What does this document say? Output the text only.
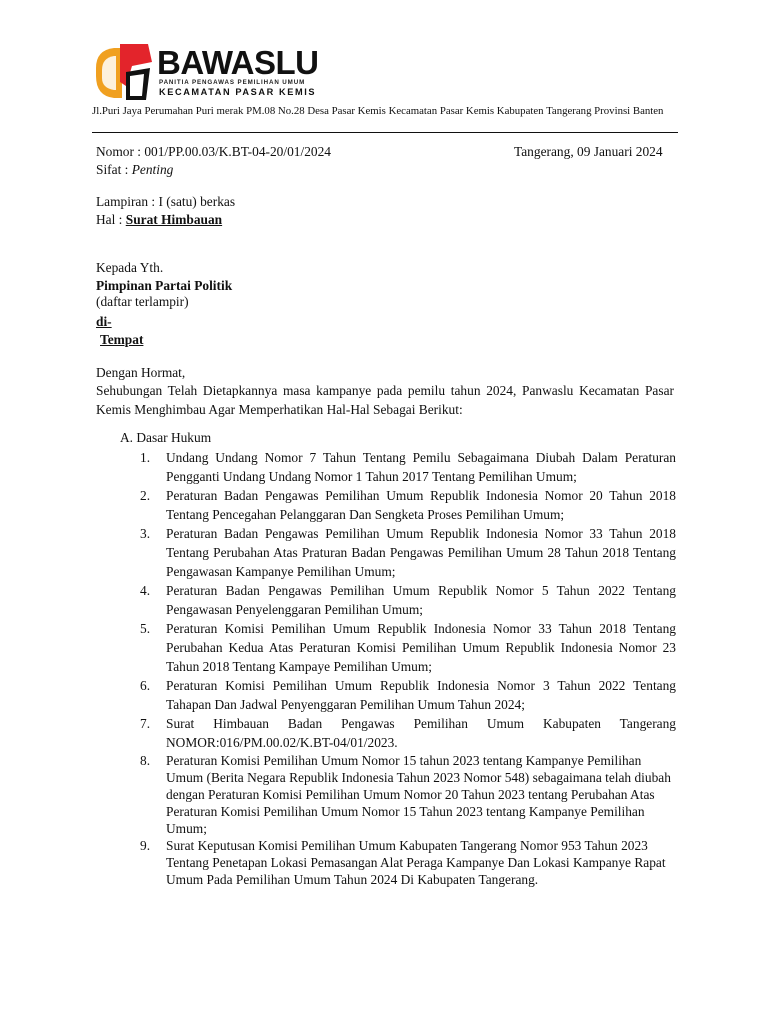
BAWASLU
PANITIA PENGAWAS PEMILIHAN UMUM
KECAMATAN PASAR KEMIS
Jl.Puri Jaya Perumahan Puri merak PM.08 No.28 Desa Pasar Kemis Kecamatan Pasar Kemis Kabupaten Tangerang Provinsi Banten
Nomor : 001/PP.00.03/K.BT-04-20/01/2024	Tangerang, 09 Januari 2024
Sifat : Penting
Lampiran : I (satu) berkas
Hal : Surat Himbauan
Kepada Yth.
Pimpinan Partai Politik
(daftar terlampir)
di-
Tempat
Dengan Hormat,
Sehubungan Telah Dietapkannya masa kampanye pada pemilu tahun 2024, Panwaslu Kecamatan Pasar Kemis Menghimbau Agar Memperhatikan Hal-Hal Sebagai Berikut:
A. Dasar Hukum
1. Undang Undang Nomor 7 Tahun Tentang Pemilu Sebagaimana Diubah Dalam Peraturan Pengganti Undang Undang Nomor 1 Tahun 2017 Tentang Pemilihan Umum;
2. Peraturan Badan Pengawas Pemilihan Umum Republik Indonesia Nomor 20 Tahun 2018 Tentang Pencegahan Pelanggaran Dan Sengketa Proses Pemilihan Umum;
3. Peraturan Badan Pengawas Pemilihan Umum Republik Indonesia Nomor 33 Tahun 2018 Tentang Perubahan Atas Praturan Badan Pengawas Pemilihan Umum 28 Tahun 2018 Tentang Pengawasan Kampanye Pemilihan Umum;
4. Peraturan Badan Pengawas Pemilihan Umum Republik Nomor 5 Tahun 2022 Tentang Pengawasan Penyelenggaran Pemilihan Umum;
5. Peraturan Komisi Pemilihan Umum Republik Indonesia Nomor 33 Tahun 2018 Tentang Perubahan Kedua Atas Peraturan Komisi Pemilihan Umum Republik Indonesia Nomor 23 Tahun 2018 Tentang Kampaye Pemilihan Umum;
6. Peraturan Komisi Pemilihan Umum Republik Indonesia Nomor 3 Tahun 2022 Tentang Tahapan Dan Jadwal Penyenggaran Pemilihan Umum Tahun 2024;
7. Surat Himbauan Badan Pengawas Pemilihan Umum Kabupaten Tangerang NOMOR:016/PM.00.02/K.BT-04/01/2023.
8. Peraturan Komisi Pemilihan Umum Nomor 15 tahun 2023 tentang Kampanye Pemilihan Umum (Berita Negara Republik Indonesia Tahun 2023 Nomor 548) sebagaimana telah diubah dengan Peraturan Komisi Pemilihan Umum Nomor 20 Tahun 2023 tentang Perubahan Atas Peraturan Komisi Pemilihan Umum Nomor 15 Tahun 2023 tentang Kampanye Pemilihan Umum;
9. Surat Keputusan Komisi Pemilihan Umum Kabupaten Tangerang Nomor 953 Tahun 2023 Tentang Penetapan Lokasi Pemasangan Alat Peraga Kampanye Dan Lokasi Kampanye Rapat Umum Pada Pemilihan Umum Tahun 2024 Di Kabupaten Tangerang.
